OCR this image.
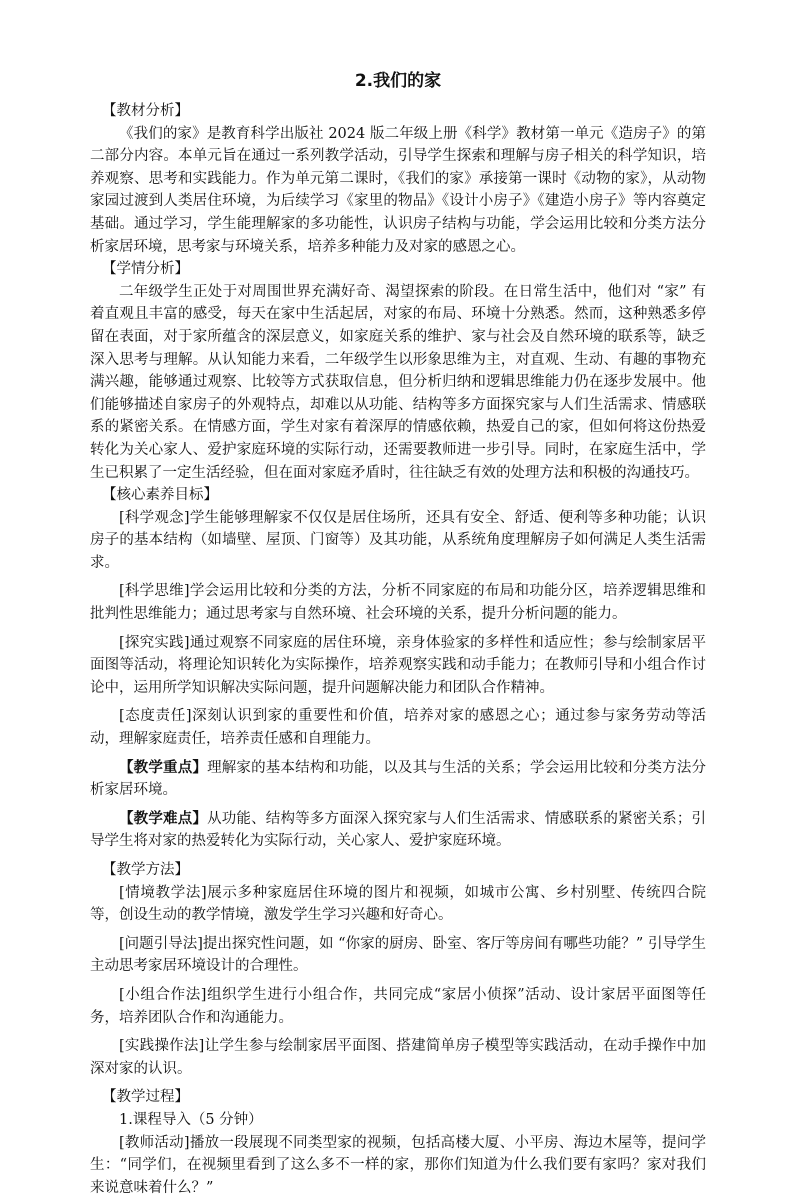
2.我们的家

【教材分析】

《我们的家》是教育科学出版社 2024 版二年级上册《科学》教材第一单元《造房子》的第二部分内容。本单元旨在通过一系列教学活动，引导学生探索和理解与房子相关的科学知识，培养观察、思考和实践能力。作为单元第二课时，《我们的家》承接第一课时《动物的家》，从动物家园过渡到人类居住环境，为后续学习《家里的物品》《设计小房子》《建造小房子》等内容奠定基础。通过学习，学生能理解家的多功能性，认识房子结构与功能，学会运用比较和分类方法分析家居环境，思考家与环境关系，培养多种能力及对家的感恩之心。

【学情分析】

二年级学生正处于对周围世界充满好奇、渴望探索的阶段。在日常生活中，他们对 “家” 有着直观且丰富的感受，每天在家中生活起居，对家的布局、环境十分熟悉。然而，这种熟悉多停留在表面，对于家所蕴含的深层意义，如家庭关系的维护、家与社会及自然环境的联系等，缺乏深入思考与理解。从认知能力来看，二年级学生以形象思维为主，对直观、生动、有趣的事物充满兴趣，能够通过观察、比较等方式获取信息，但分析归纳和逻辑思维能力仍在逐步发展中。他们能够描述自家房子的外观特点，却难以从功能、结构等多方面探究家与人们生活需求、情感联系的紧密关系。在情感方面，学生对家有着深厚的情感依赖，热爱自己的家，但如何将这份热爱转化为关心家人、爱护家庭环境的实际行动，还需要教师进一步引导。同时，在家庭生活中，学生已积累了一定生活经验，但在面对家庭矛盾时，往往缺乏有效的处理方法和积极的沟通技巧。

【核心素养目标】

[科学观念]学生能够理解家不仅仅是居住场所，还具有安全、舒适、便利等多种功能；认识房子的基本结构（如墙壁、屋顶、门窗等）及其功能，从系统角度理解房子如何满足人类生活需求。

[科学思维]学会运用比较和分类的方法，分析不同家庭的布局和功能分区，培养逻辑思维和批判性思维能力；通过思考家与自然环境、社会环境的关系，提升分析问题的能力。

[探究实践]通过观察不同家庭的居住环境，亲身体验家的多样性和适应性；参与绘制家居平面图等活动，将理论知识转化为实际操作，培养观察实践和动手能力；在教师引导和小组合作讨论中，运用所学知识解决实际问题，提升问题解决能力和团队合作精神。

[态度责任]深刻认识到家的重要性和价值，培养对家的感恩之心；通过参与家务劳动等活动，理解家庭责任，培养责任感和自理能力。

【教学重点】理解家的基本结构和功能，以及其与生活的关系；学会运用比较和分类方法分析家居环境。

【教学难点】从功能、结构等多方面深入探究家与人们生活需求、情感联系的紧密关系；引导学生将对家的热爱转化为实际行动，关心家人、爱护家庭环境。

【教学方法】

[情境教学法]展示多种家庭居住环境的图片和视频，如城市公寓、乡村别墅、传统四合院等，创设生动的教学情境，激发学生学习兴趣和好奇心。

[问题引导法]提出探究性问题，如 “你家的厨房、卧室、客厅等房间有哪些功能？” 引导学生主动思考家居环境设计的合理性。

[小组合作法]组织学生进行小组合作，共同完成“家居小侦探”活动、设计家居平面图等任务，培养团队合作和沟通能力。

[实践操作法]让学生参与绘制家居平面图、搭建简单房子模型等实践活动，在动手操作中加深对家的认识。

【教学过程】

1.课程导入（5 分钟）

[教师活动]播放一段展现不同类型家的视频，包括高楼大厦、小平房、海边木屋等，提问学生：“同学们，在视频里看到了这么多不一样的家，那你们知道为什么我们要有家吗？家对我们来说意味着什么？”
